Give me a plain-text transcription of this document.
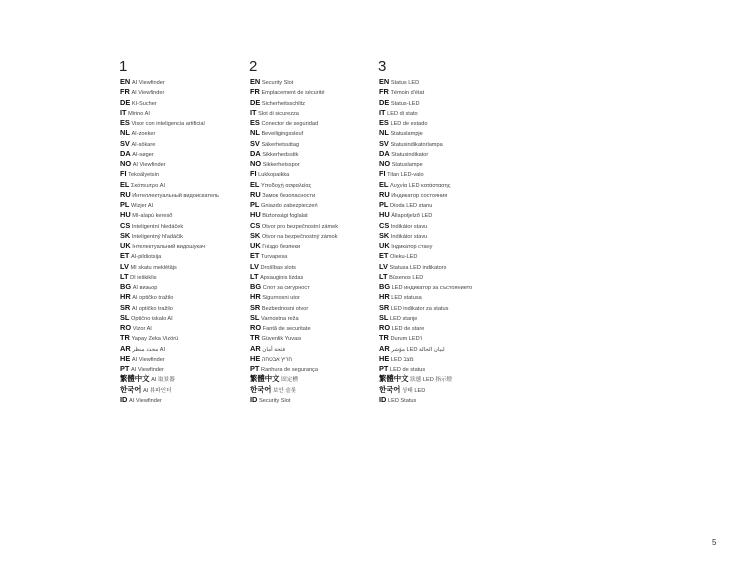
1
EN AI Viewfinder
FR AI Viewfinder
DE KI-Sucher
IT Mirino AI
ES Visor con inteligencia artificial
NL AI-zoeker
SV AI-sökare
DA AI-søger
NO AI Viewfinder
FI Tekoälyetsin
EL Σκόπευτρο AI
RU Интеллектуальный видоискатель
PL Wizjer AI
HU MI-alapú kereső
CS Inteligentní hledáček
SK Inteligentný hľadáčik
UK Інтелектуальний видошукач
ET AI-pildiotsija
LV MI skatu meklētājs
LT DI ieškiklis
BG AI визьор
HR AI optičko tražilo
SR AI optičko tražilo
SL Optično iskalo AI
RO Vizor AI
TR Yapay Zeka Vizörü
AR محدد منظر AI
HE AI Viewfinder
PT AI Viewfinder
繁體中文 AI 取景器
한국어 AI 뷰파인더
ID AI Viewfinder
2
EN Security Slot
FR Emplacement de sécurité
DE Sicherheitsschlitz
IT Slot di sicurezza
ES Conector de seguridad
NL Beveiligingssleuf
SV Säkerhetsuttag
DA Sikkerhedsstik
NO Sikkerhetsspor
FI Lukkopaikka
EL Υποδοχή ασφαλείας
RU Замок безопасности
PL Gniazdo zabezpieczeń
HU Biztonsági foglalat
CS Otvor pro bezpečnostní zámek
SK Otvor na bezpečnostný zámok
UK Гніздо безпеки
ET Turvapesa
LV Drošības slots
LT Apsauginis lizdas
BG Слот за сигурност
HR Sigurnosni utor
SR Bezbednosni otvor
SL Varnostna reža
RO Fantă de securitate
TR Güvenlik Yuvası
AR فتحة أمان
HE חריץ אבטחה
PT Ranhura de segurança
繁體中文 固定槽
한국어 보안 슬롯
ID Security Slot
3
EN Status LED
FR Témoin d'état
DE Status-LED
IT LED di stato
ES LED de estado
NL Statuslampje
SV Statusindikatorlampa
DA Statusindikator
NO Statuslampe
FI Tilan LED-valo
EL Λυχνία LED κατάστασης
RU Индикатор состояния
PL Dioda LED stanu
HU Állapotjelző LED
CS Indikátor stavu
SK Indikátor stavu
UK Індикатор стану
ET Oleku-LED
LV Statusa LED indikators
LT Būsenos LED
BG LED индикатор за състоянието
HR LED statusa
SR LED indikator za status
SL LED stanje
RO LED de stare
TR Durum LED'i
AR مؤشر LED لبيان الحالة
HE LED מצב
PT LED de status
繁體中文 狀態 LED 指示燈
한국어 상태 LED
ID LED Status
5
